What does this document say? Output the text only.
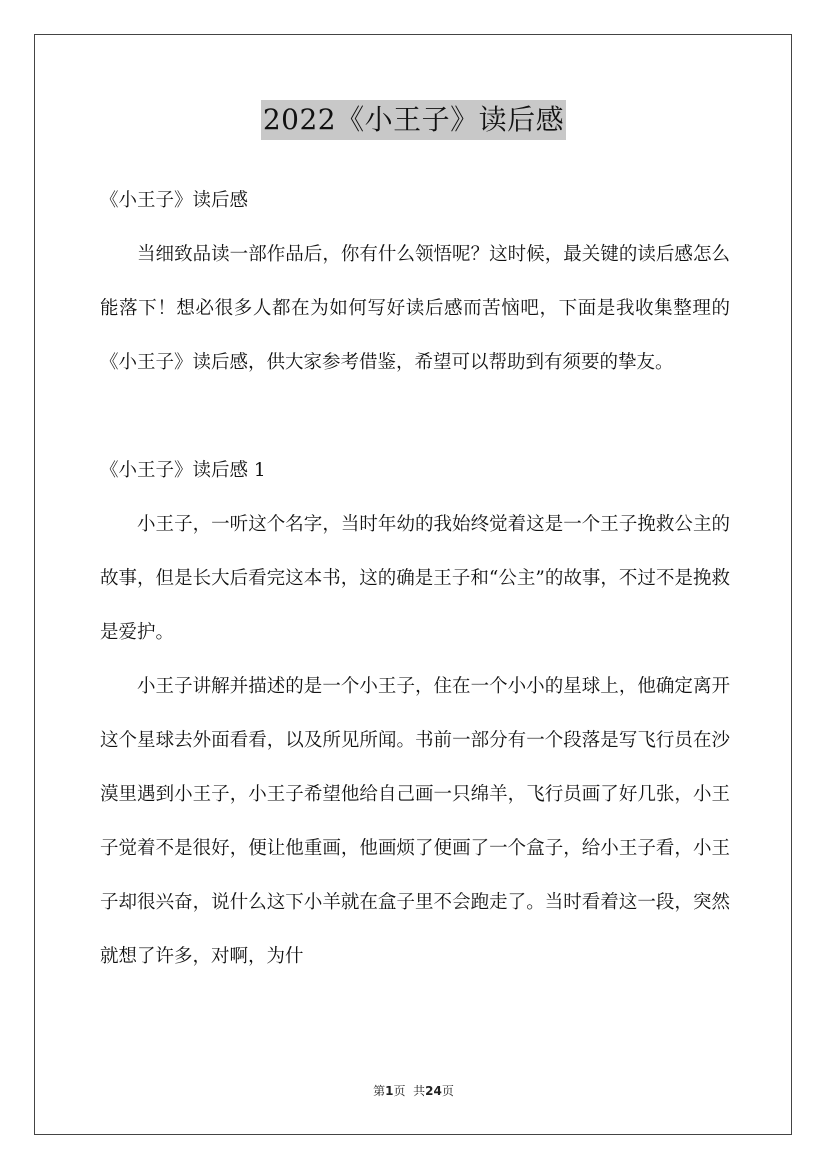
2022《小王子》读后感

《小王子》读后感

当细致品读一部作品后，你有什么领悟呢？这时候，最关键的读后感怎么能落下！想必很多人都在为如何写好读后感而苦恼吧，下面是我收集整理的《小王子》读后感，供大家参考借鉴，希望可以帮助到有须要的挚友。

《小王子》读后感 1

小王子，一听这个名字，当时年幼的我始终觉着这是一个王子挽救公主的故事，但是长大后看完这本书，这的确是王子和“公主”的故事，不过不是挽救是爱护。

小王子讲解并描述的是一个小王子，住在一个小小的星球上，他确定离开这个星球去外面看看，以及所见所闻。书前一部分有一个段落是写飞行员在沙漠里遇到小王子，小王子希望他给自己画一只绵羊，飞行员画了好几张，小王子觉着不是很好，便让他重画，他画烦了便画了一个盒子，给小王子看，小王子却很兴奋，说什么这下小羊就在盒子里不会跑走了。当时看着这一段，突然就想了许多，对啊，为什

第1页  共24页
